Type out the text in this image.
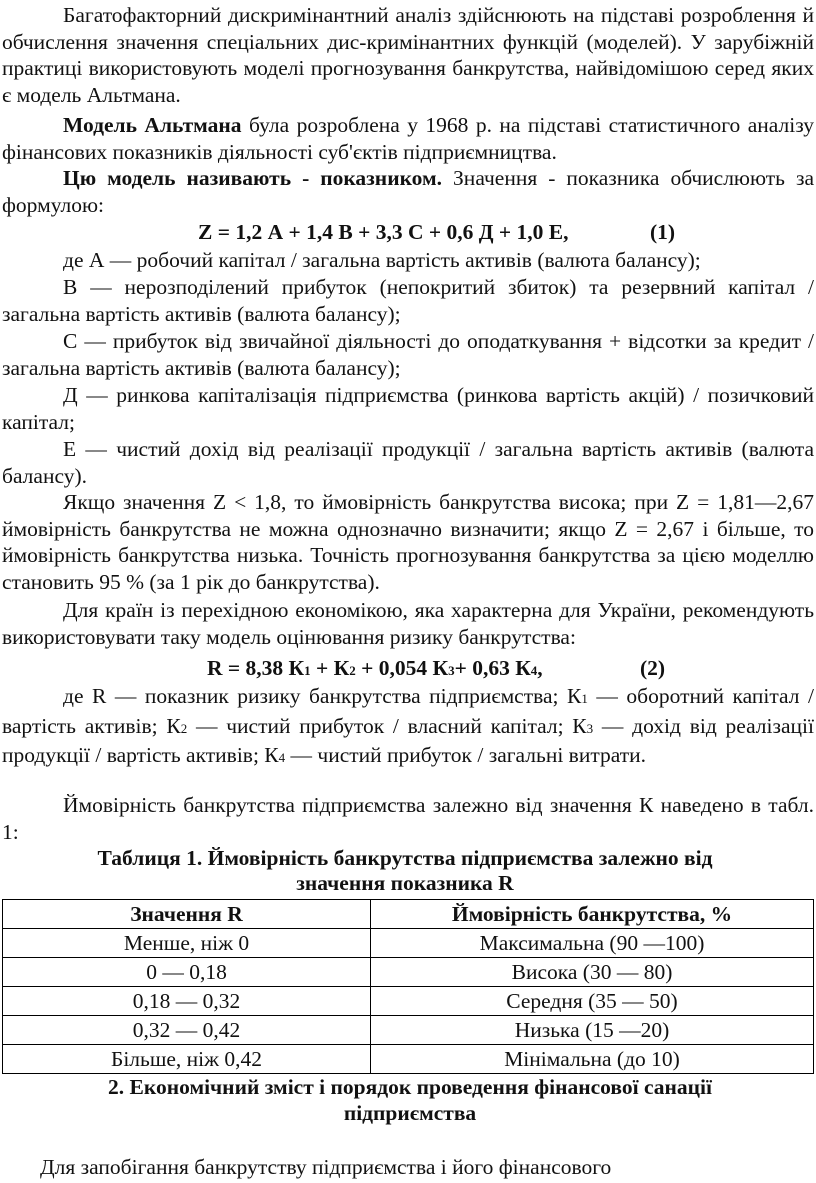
Багатофакторний дискримінантний аналіз здійснюють на підставі розроблення й обчислення значення спеціальних дис-кримінантних функцій (моделей). У зарубіжній практиці використовують моделі прогнозування банкрутства, найвідомішою серед яких є модель Альтмана.

Модель Альтмана була розроблена у 1968 р. на підставі статистичного аналізу фінансових показників діяльності суб'єктів підприємництва.

Цю модель називають - показником. Значення - показника обчислюють за формулою:

Z = 1,2 А + 1,4 В + 3,3 С + 0,6 Д + 1,0 Е,	(1)

де А — робочий капітал / загальна вартість активів (валюта балансу);

В — нерозподілений прибуток (непокритий збиток) та резервний капітал / загальна вартість активів (валюта балансу);

С — прибуток від звичайної діяльності до оподаткування + відсотки за кредит / загальна вартість активів (валюта балансу);

Д — ринкова капіталізація підприємства (ринкова вартість акцій) / позичковий капітал;

Е — чистий дохід від реалізації продукції / загальна вартість активів (валюта балансу).

Якщо значення Z < 1,8, то ймовірність банкрутства висока; при Z = 1,81—2,67 ймовірність банкрутства не можна однозначно визначити; якщо Z = 2,67 і більше, то ймовірність банкрутства низька. Точність прогнозування банкрутства за цією моделлю становить 95 % (за 1 рік до банкрутства).

Для країн із перехідною економікою, яка характерна для України, рекомендують використовувати таку модель оцінювання ризику банкрутства:

R = 8,38 К1 + К2 + 0,054 К3+ 0,63 К4,	(2)

де R — показник ризику банкрутства підприємства; К1 — оборотний капітал / вартість активів; К2 — чистий прибуток / власний капітал; К3 — дохід від реалізації продукції / вартість активів; К4 — чистий прибуток / загальні витрати.

Ймовірність банкрутства підприємства залежно від значення К наведено в табл. 1:

Таблиця 1. Ймовірність банкрутства підприємства залежно від значення показника R

Значення R	Ймовірність банкрутства, %
Менше, ніж 0	Максимальна (90 —100)
0 — 0,18	Висока (30 — 80)
0,18 — 0,32	Середня (35 — 50)
0,32 — 0,42	Низька (15 —20)
Більше, ніж 0,42	Мінімальна (до 10)

2. Економічний зміст і порядок проведення фінансової санації підприємства

Для запобігання банкрутству підприємства і його фінансового
